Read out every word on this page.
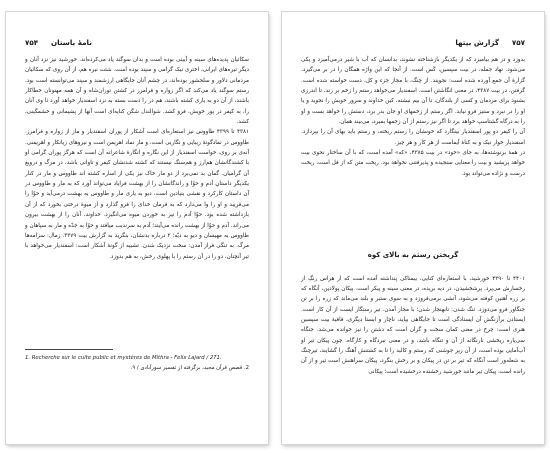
۷۵۴ نامهٔ باستان

سکائیان پدیده‌های سینه و آیینی بوده است و بدان سوگند یاد می‌کرده‌اند. خورشید نیز نزد آنان و دیگر تیره‌های ایرانی، اختری نیک گرامی و سپند بوده است. شتت نیره هم، از آن روی که سکائیان مردمانی دلاور و سلحشور بوده‌اند، در چشم آنان جایگاهی ارزشمند و سپند می‌توانسته است بود. رستم سوگند یاد می‌کند که اگر زواره و فرامرز در کشتن توران‌شاه و آن همه مهنونان خطاکار باشند، از آن دو به یاری کشته باشند، هم در را دست بسته به نزد اسفندیار خواهد آورد تا وی آنان را، به کیفر در پور خویش، فرو کشد. شوالندل شگن کنایه‌ای است آنها از پشیمانی و خشمگینی، کشد.

۴۳۸۱ تا ۴۳۹۹ طاووس نیز استعاره‌ای است آشکار از پوران اسفندیار و ماز از زواره و فرامرز. طاووس در نمادگونهٔ زیبایی و نگاریی است، و مار نماد اهریمن است و نیروهای زیانکار و اهریمنی. آنه‌ی بر روی، خواست اسفندیار از این نگاره و انگارهٔ شاعرانه آن است که هرگز پوران گرامی او با کشندگانشان هم‌ارز و هم‌سنگ نیستند که کشته شدنشان کیفر و تاوانی باشد، در مرگ و درویغ آن گرامیان. گمان بد نمی‌برد از دو مار خاک نیز یکی از اساره کشته اند طاووس و مار در کنار یکدیگر داستانِ آدم و حوّا و راندگانشان را از بهشت فراياد می‌تواند آورد که به مار و طاووس در آن داستان کارکرد و نقشی بنیادین است، دیو به یاری مار و طاووس به بهشت درمی‌آید و حوّا را می‌فریبد و او را وا می‌دارد که به فرمان خدای را فرو گذارد و از میوهٔ درختی بخورد که از آن بازداشته شده بود. حوّا آدم را نیز به خوردن میوه می‌انگیزد. خداوند، آنان را از بهشت بیرون می‌راند. آدم و حوّا از بهشت رانده می‌آیند؛ آدم به سرندیب میافتد و حوّا به جدّه و مار به سپاهان و طاووس به مهیسان و دیو به دبّه؛ ۲ درباره بدنشان، بنگرید به گزارش بیت ۳۳۷۹. زمال: سزامه‌ها مرگ. به تنگی فراز آمدن: سخت نزدیک شدن. تشبیه از گونهٔ آشکار است: اسفندیار می‌خواهد با تیر آنچنان، دو را در آن رستم را با پهلوی رخش، به هم بدوزد.

1. Recherche sur le culte public et mystères de Mithra - Felix Lajard / 271.
2. قصص قرآن مجید، برگرفته از تفسیر سورآبادی / ۹.
۷۵۷
گزارش بیتها

بدوزد و در هم بیامیزد که از یکدیگر بازشناخته نشوند، بدانسان که آب با شیر درمی‌آمیزد و یکی می‌شود. نهاد جمله، در بیت سپسین، کَس است. از آنجا که این واژه همگان را در بر می‌گیرد، گزارهٔ آن جمع آورده شده است: نجویند. از چنگ، با مجاز جزء و کل، دست خواسته شده است. گرفتن، در بیت ۴۳۸۷، در معنی انگاشتن است. اسفندیار می‌خواهد رستم را زخم بر زند، تا اندرزی بشنود برای مردمان و کسی از بلندگان، تا آن بیم نبشته، کین خداوند و سرور خویش را نجوید و یا او را در نبرد و ستیز فرو نیابد. اگر رستم از زخمهای او جان بدر برد، دستش را خواهد بست و او را به درگاه گشتاسپ خواهد برد تا اگر نیز رستم از آن زخمها بمیرد، می‌بیند همان.

آن را کیفر دو پور اسفندیار بینگارد که خونشان را رستم ریخته، و رستم باید بهای آن را بپردازد. اسفندیار خوار نیک و به کناهٔ آیماست از هر کار و هر چیز.

در همهٔ برنوشته‌ها، به جای «خود» در بیت ۴۳۸۵، «که» آمده است، که با آن ساختار نحوی بیت خواهد پریشید و بیت را معنایی سنجیده و پذیرفتنی نخواهد بود. ریخت متن که از فل است، ریخت درست و نژاده می‌تواند بود.

گریختن رستم به بالای کوه

۴۴۰۱ تا ۴۳۹۰ خورشید، با استعاره‌ای کنایی، بیمناکی پنداشته آمده است که از هراس رنگِ از رخسارش می‌پرد. پرشخشیدن، در دیه بریده، در معنی سینه و پیکر است. پیکان پولادین، آنگاه که بر زره آهنین کوفته می‌شود، آتشی برمی‌فروزد و به سوی ستبر و بلند می‌ماند که زره را بر تن جنگاور فرو می‌دوزد. تنگ شدن: نابهنجار شدن؛ با مجاز آمدن. تیر رستگار ایست از آن کار است. ایستادن برآزنگش آن ایستادگی است تا جایگاهی بپاید، ناچار و ایستا دیگری، قافیهٔ بیت سپسین هنری است: چرخ در معنی کمان سخت و گران است که دشتن را نیز خوانده می‌شد. جنگاه سی‌پاره ریخشی نارنگانه از آن و تنگاه باشد، و در معنی نبردگاه و کارگاه. چون پیکان تیر او آب‌آمایی بوده است، از آن زیر جوشنی که رستم و کالبد را تا به کشتنش آهنگ را گشایند، تیرچنگ به شعله‌ور است آنگاه که تیر بر تن در پیکان و بر رخش بنگرد، پیکان سراهنش است تیر و از آن رانده است، پیکان تیر مانند خورشید رخشنده درخشیده است؛ پیکانی
